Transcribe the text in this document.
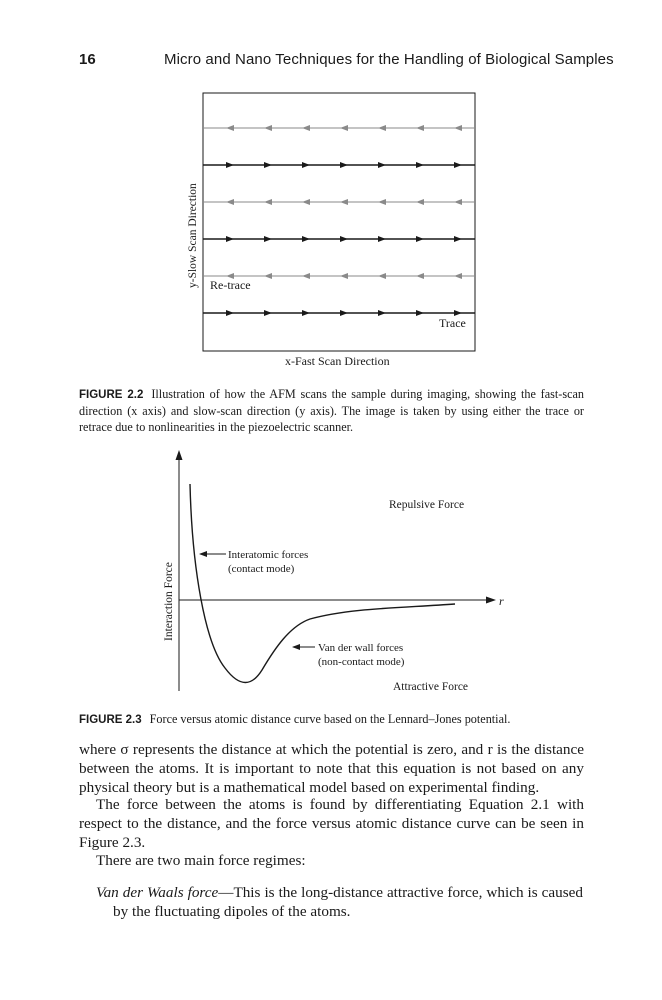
16	Micro and Nano Techniques for the Handling of Biological Samples
y-Slow Scan Direction Re-trace
Trace
x-Fast Scan Direction
FIGURE 2.2 Illustration of how the AFM scans the sample during imaging, showing the fast-scan direction (x axis) and slow-scan direction (y axis). The image is taken by using either the trace or retrace due to nonlinearities in the piezoelectric scanner.
r
Interaction Force
Interatomic forces
(contact mode)
Van der wall forces
(non-contact mode)
Repulsive Force
Attractive Force
FIGURE 2.3 Force versus atomic distance curve based on the Lennard–Jones potential.
where σ represents the distance at which the potential is zero, and r is the distance between the atoms. It is important to note that this equation is not based on any physical theory but is a mathematical model based on experimental finding.
The force between the atoms is found by differentiating Equation 2.1 with respect to the distance, and the force versus atomic distance curve can be seen in Figure 2.3.
There are two main force regimes:
Van der Waals force—This is the long-distance attractive force, which is caused by the fluctuating dipoles of the atoms.
